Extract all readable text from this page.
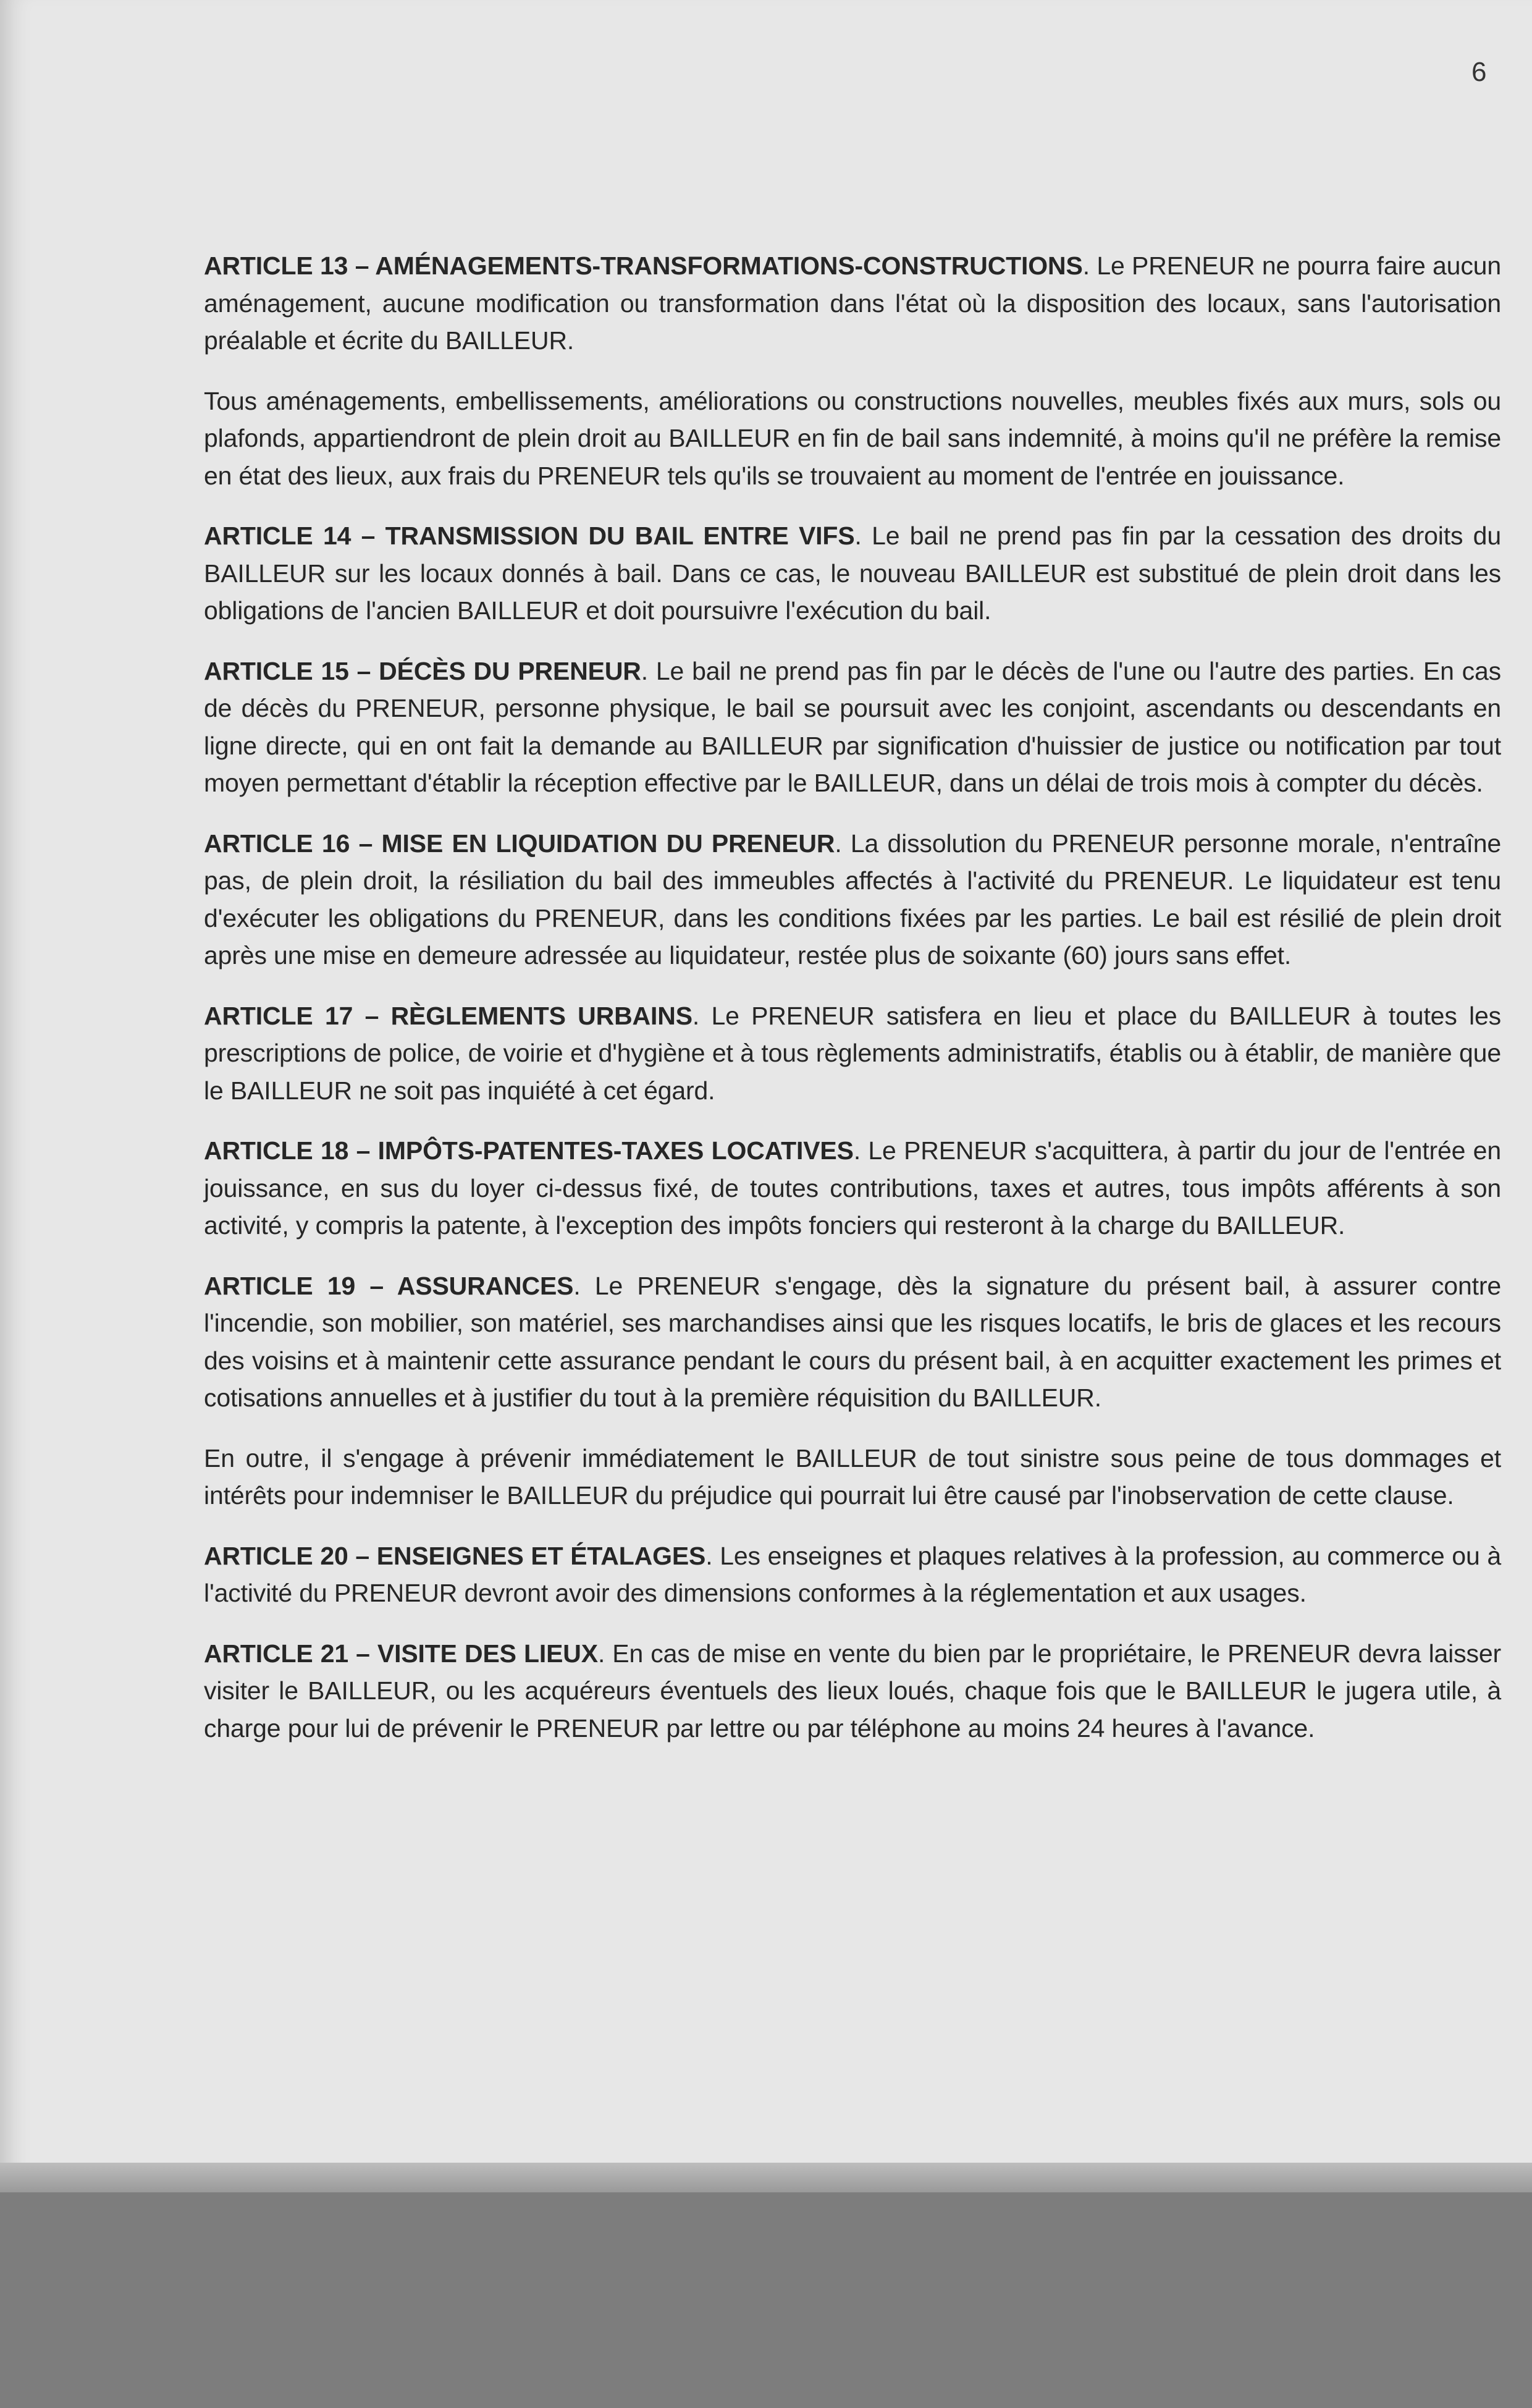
6

ARTICLE 13 – AMÉNAGEMENTS-TRANSFORMATIONS-CONSTRUCTIONS. Le PRENEUR ne pourra faire aucun aménagement, aucune modification ou transformation dans l'état où la disposition des locaux, sans l'autorisation préalable et écrite du BAILLEUR.

Tous aménagements, embellissements, améliorations ou constructions nouvelles, meubles fixés aux murs, sols ou plafonds, appartiendront de plein droit au BAILLEUR en fin de bail sans indemnité, à moins qu'il ne préfère la remise en état des lieux, aux frais du PRENEUR tels qu'ils se trouvaient au moment de l'entrée en jouissance.

ARTICLE 14 – TRANSMISSION DU BAIL ENTRE VIFS. Le bail ne prend pas fin par la cessation des droits du BAILLEUR sur les locaux donnés à bail. Dans ce cas, le nouveau BAILLEUR est substitué de plein droit dans les obligations de l'ancien BAILLEUR et doit poursuivre l'exécution du bail.

ARTICLE 15 – DÉCÈS DU PRENEUR. Le bail ne prend pas fin par le décès de l'une ou l'autre des parties. En cas de décès du PRENEUR, personne physique, le bail se poursuit avec les conjoint, ascendants ou descendants en ligne directe, qui en ont fait la demande au BAILLEUR par signification d'huissier de justice ou notification par tout moyen permettant d'établir la réception effective par le BAILLEUR, dans un délai de trois mois à compter du décès.

ARTICLE 16 – MISE EN LIQUIDATION DU PRENEUR. La dissolution du PRENEUR personne morale, n'entraîne pas, de plein droit, la résiliation du bail des immeubles affectés à l'activité du PRENEUR. Le liquidateur est tenu d'exécuter les obligations du PRENEUR, dans les conditions fixées par les parties. Le bail est résilié de plein droit après une mise en demeure adressée au liquidateur, restée plus de soixante (60) jours sans effet.

ARTICLE 17 – RÈGLEMENTS URBAINS. Le PRENEUR satisfera en lieu et place du BAILLEUR à toutes les prescriptions de police, de voirie et d'hygiène et à tous règlements administratifs, établis ou à établir, de manière que le BAILLEUR ne soit pas inquiété à cet égard.

ARTICLE 18 – IMPÔTS-PATENTES-TAXES LOCATIVES. Le PRENEUR s'acquittera, à partir du jour de l'entrée en jouissance, en sus du loyer ci-dessus fixé, de toutes contributions, taxes et autres, tous impôts afférents à son activité, y compris la patente, à l'exception des impôts fonciers qui resteront à la charge du BAILLEUR.

ARTICLE 19 – ASSURANCES. Le PRENEUR s'engage, dès la signature du présent bail, à assurer contre l'incendie, son mobilier, son matériel, ses marchandises ainsi que les risques locatifs, le bris de glaces et les recours des voisins et à maintenir cette assurance pendant le cours du présent bail, à en acquitter exactement les primes et cotisations annuelles et à justifier du tout à la première réquisition du BAILLEUR.

En outre, il s'engage à prévenir immédiatement le BAILLEUR de tout sinistre sous peine de tous dommages et intérêts pour indemniser le BAILLEUR du préjudice qui pourrait lui être causé par l'inobservation de cette clause.

ARTICLE 20 – ENSEIGNES ET ÉTALAGES. Les enseignes et plaques relatives à la profession, au commerce ou à l'activité du PRENEUR devront avoir des dimensions conformes à la réglementation et aux usages.

ARTICLE 21 – VISITE DES LIEUX. En cas de mise en vente du bien par le propriétaire, le PRENEUR devra laisser visiter le BAILLEUR, ou les acquéreurs éventuels des lieux loués, chaque fois que le BAILLEUR le jugera utile, à charge pour lui de prévenir le PRENEUR par lettre ou par téléphone au moins 24 heures à l'avance.
